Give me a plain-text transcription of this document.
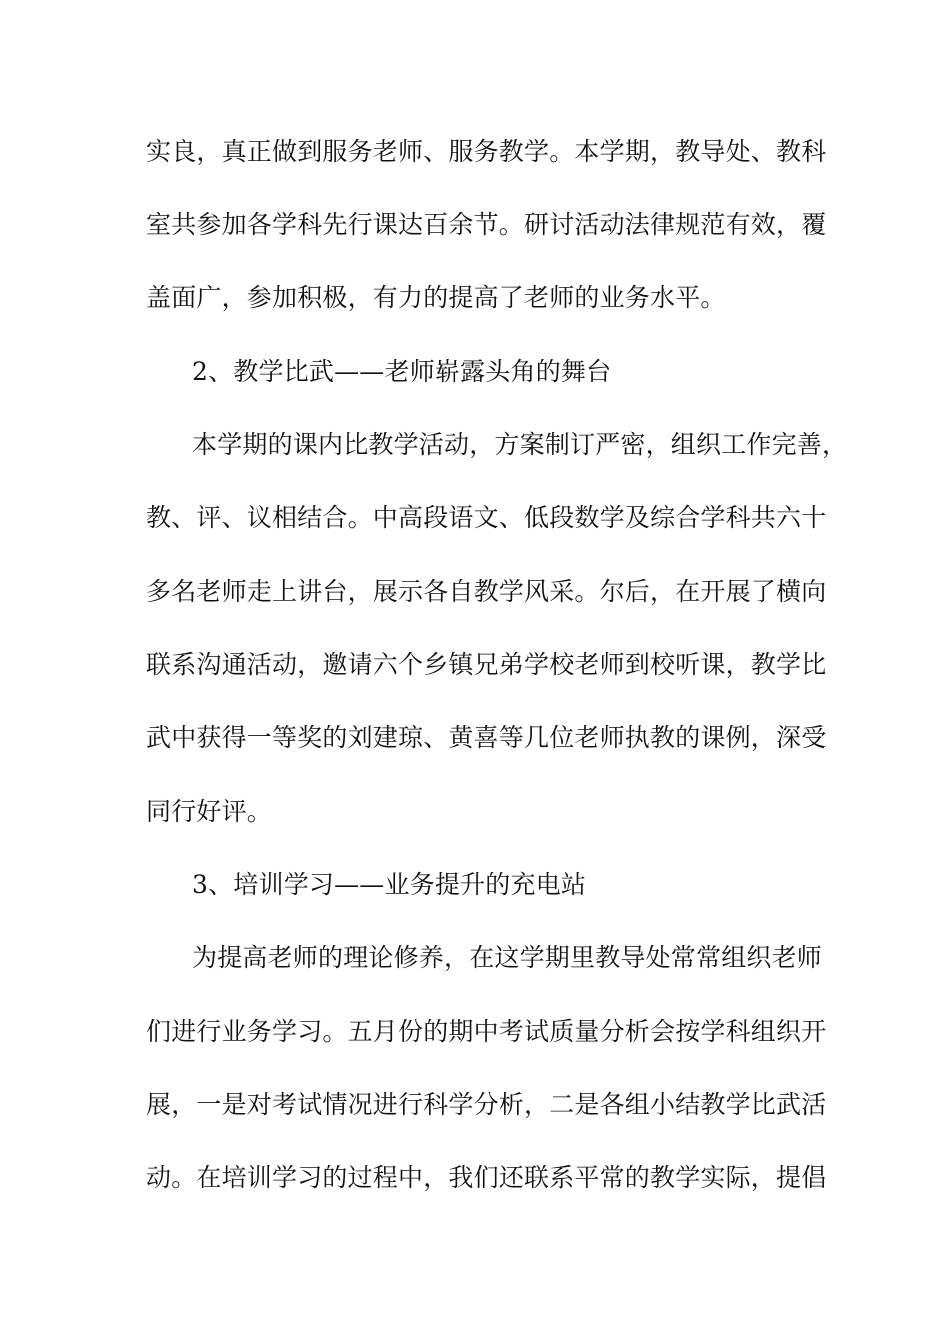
实良，真正做到服务老师、服务教学。本学期，教导处、教科
室共参加各学科先行课达百余节。研讨活动法律规范有效，覆
盖面广，参加积极，有力的提高了老师的业务水平。
2、教学比武——老师崭露头角的舞台
本学期的课内比教学活动，方案制订严密，组织工作完善，
教、评、议相结合。中高段语文、低段数学及综合学科共六十
多名老师走上讲台，展示各自教学风采。尔后，在开展了横向
联系沟通活动，邀请六个乡镇兄弟学校老师到校听课，教学比
武中获得一等奖的刘建琼、黄喜等几位老师执教的课例，深受
同行好评。
3、培训学习——业务提升的充电站
为提高老师的理论修养，在这学期里教导处常常组织老师
们进行业务学习。五月份的期中考试质量分析会按学科组织开
展，一是对考试情况进行科学分析，二是各组小结教学比武活
动。在培训学习的过程中，我们还联系平常的教学实际，提倡
